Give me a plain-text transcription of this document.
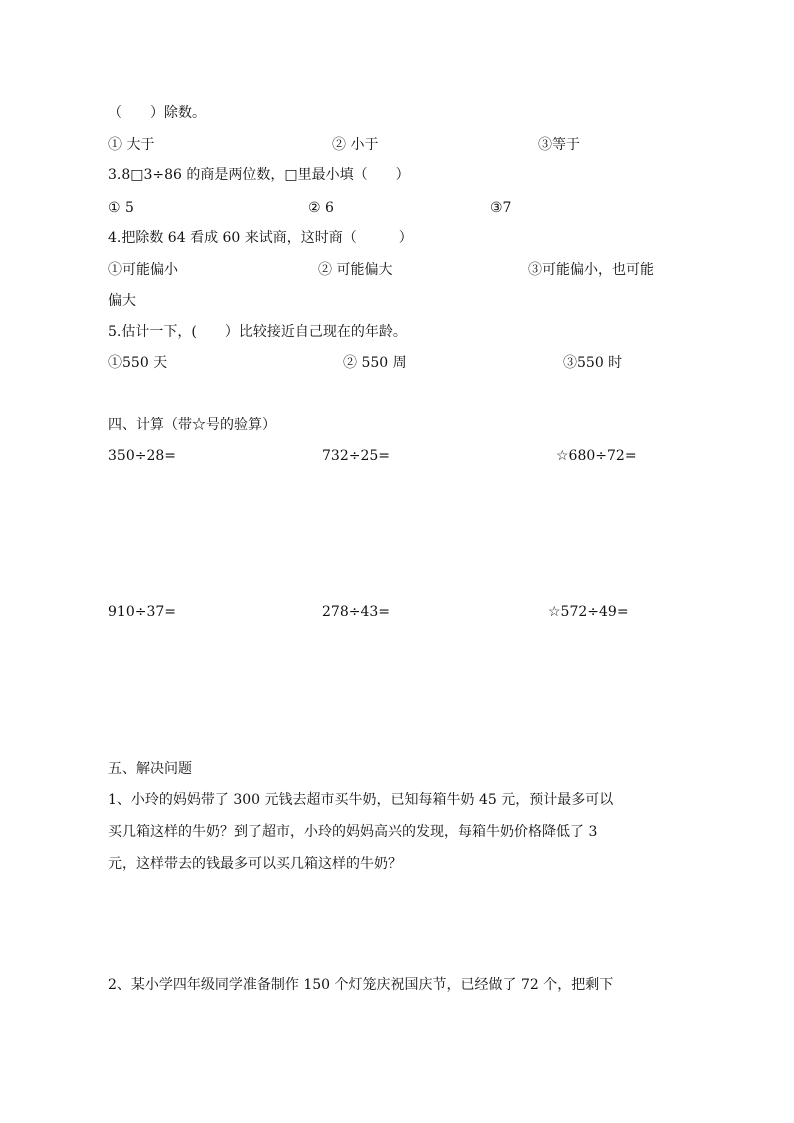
（　　）除数。
① 大于	② 小于	③等于
3.8□3÷86 的商是两位数，□里最小填（　　）
① 5	② 6	③7
4.把除数 64 看成 60 来试商，这时商（　　　）
①可能偏小	② 可能偏大	③可能偏小，也可能
偏大
5.估计一下，(　　）比较接近自己现在的年龄。
①550 天	② 550 周	③550 时
四、计算（带☆号的验算）
350÷28=	732÷25=	☆680÷72=
910÷37=	278÷43=	☆572÷49=
五、解决问题
1、小玲的妈妈带了 300 元钱去超市买牛奶，已知每箱牛奶 45 元，预计最多可以
买几箱这样的牛奶？到了超市，小玲的妈妈高兴的发现，每箱牛奶价格降低了 3
元，这样带去的钱最多可以买几箱这样的牛奶？
2、某小学四年级同学准备制作 150 个灯笼庆祝国庆节，已经做了 72 个，把剩下
